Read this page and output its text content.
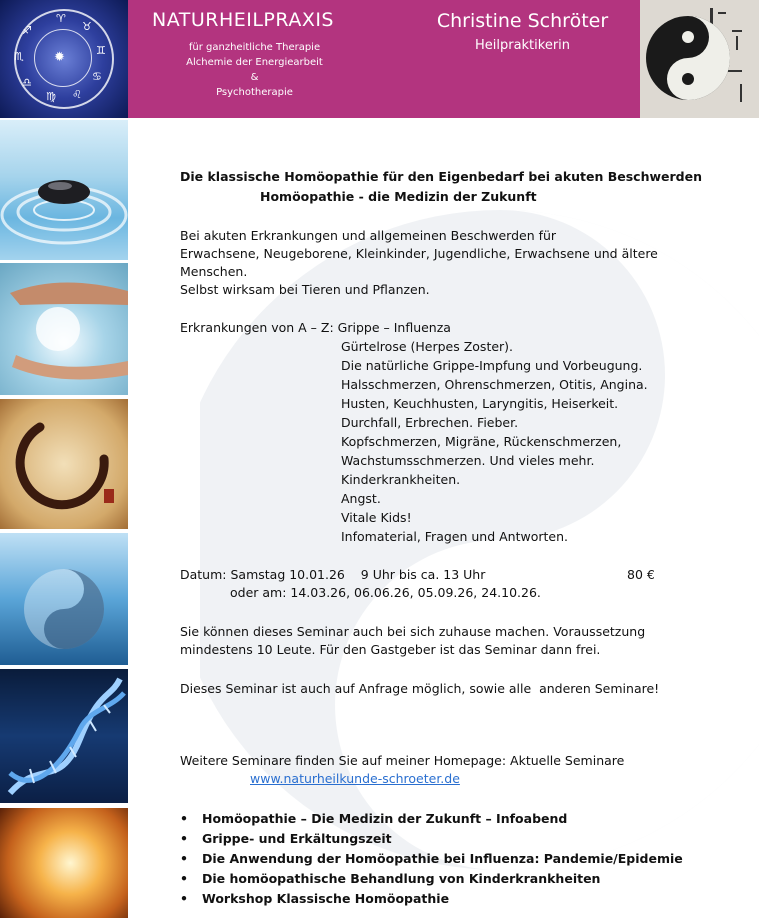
♈
♉
♊
♋
♌
♍
♎
♏
♐
✹
NATURHEILPRAXIS
für ganzheitliche Therapie
Alchemie der Energiearbeit
&
Psychotherapie
Christine Schröter
Heilpraktikerin
Die klassische Homöopathie für den Eigenbedarf bei akuten Beschwerden
Homöopathie - die Medizin der Zukunft
Bei akuten Erkrankungen und allgemeinen Beschwerden für
Erwachsene, Neugeborene, Kleinkinder, Jugendliche, Erwachsene und ältere
Menschen.
Selbst wirksam bei Tieren und Pflanzen.
Erkrankungen von A – Z: Grippe – Influenza
Gürtelrose (Herpes Zoster).
Die natürliche Grippe-Impfung und Vorbeugung.
Halsschmerzen, Ohrenschmerzen, Otitis, Angina.
Husten, Keuchhusten, Laryngitis, Heiserkeit.
Durchfall, Erbrechen. Fieber.
Kopfschmerzen, Migräne, Rückenschmerzen,
Wachstumsschmerzen. Und vieles mehr.
Kinderkrankheiten.
Angst.
Vitale Kids!
Infomaterial, Fragen und Antworten.
Datum: Samstag 10.01.26    9 Uhr bis ca. 13 Uhr	80 €
oder am: 14.03.26, 06.06.26, 05.09.26, 24.10.26.
Sie können dieses Seminar auch bei sich zuhause machen. Voraussetzung
mindestens 10 Leute. Für den Gastgeber ist das Seminar dann frei.
Dieses Seminar ist auch auf Anfrage möglich, sowie alle  anderen Seminare!
Weitere Seminare finden Sie auf meiner Homepage: Aktuelle Seminare
www.naturheilkunde-schroeter.de
• Homöopathie – Die Medizin der Zukunft – Infoabend
• Grippe- und Erkältungszeit
• Die Anwendung der Homöopathie bei Influenza: Pandemie/Epidemie
• Die homöopathische Behandlung von Kinderkrankheiten
• Workshop Klassische Homöopathie
